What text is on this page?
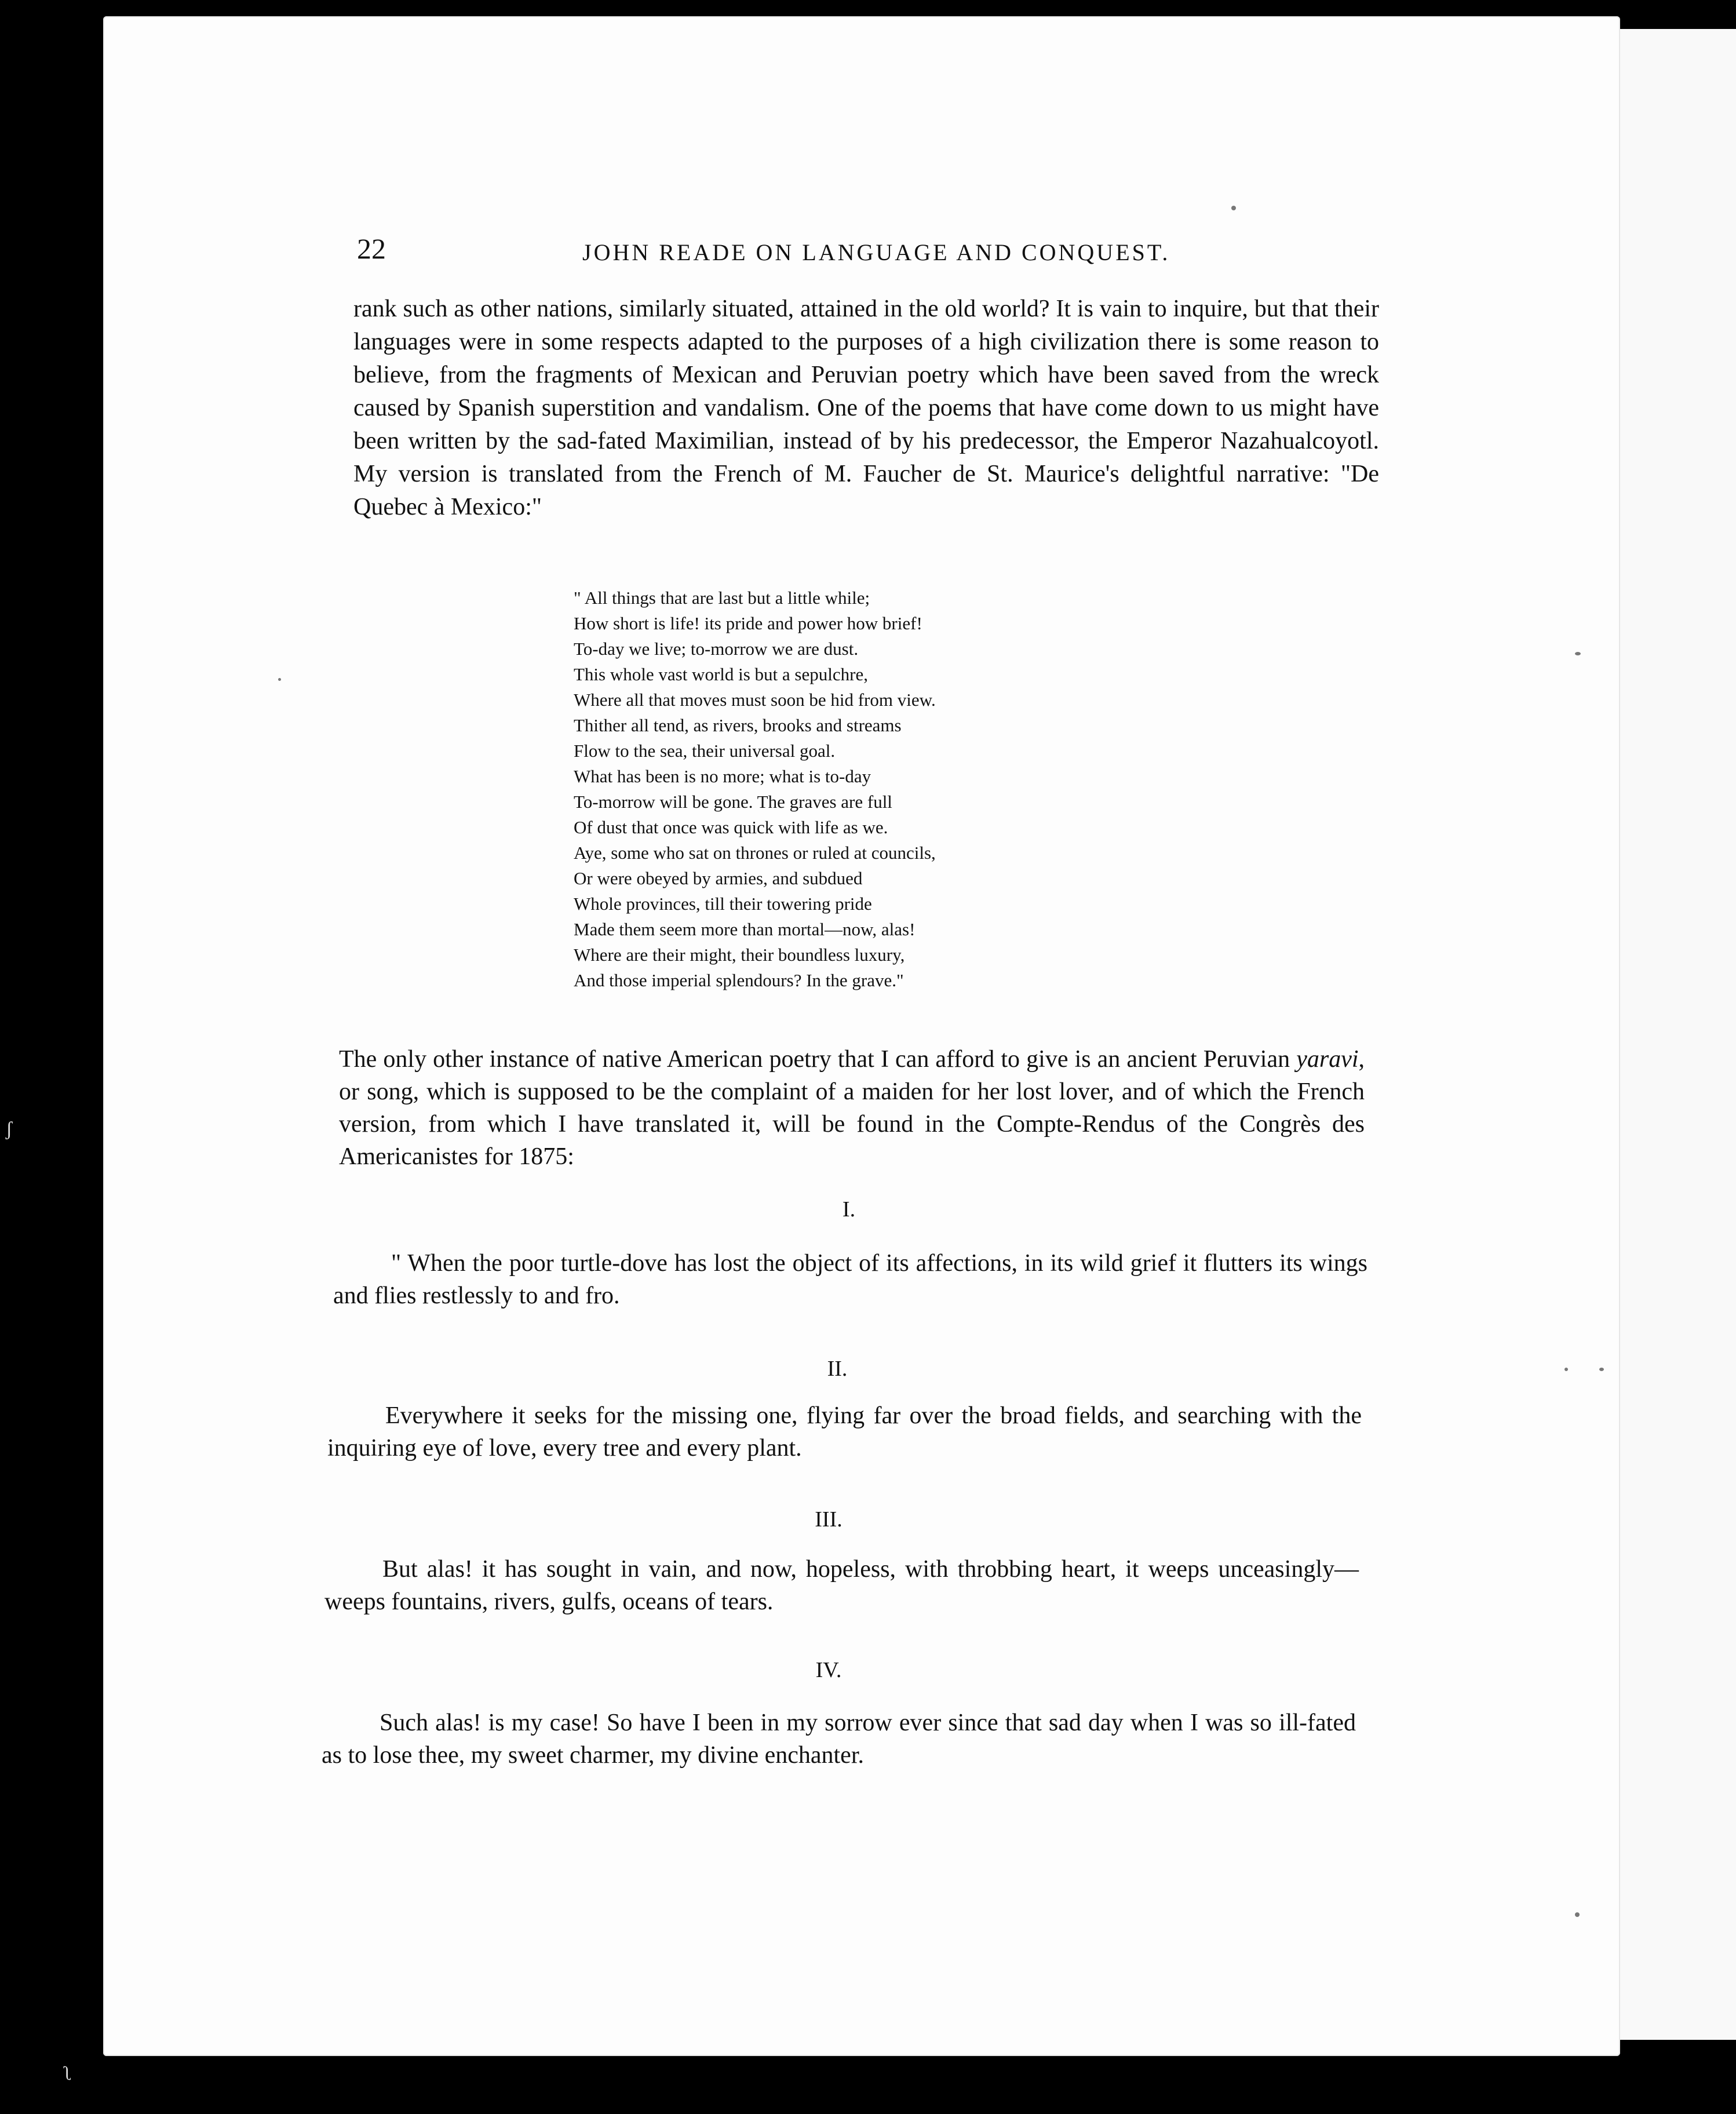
22	JOHN READE ON LANGUAGE AND CONQUEST.
rank such as other nations, similarly situated, attained in the old world? It is vain to inquire, but that their languages were in some respects adapted to the purposes of a high civilization there is some reason to believe, from the fragments of Mexican and Peruvian poetry which have been saved from the wreck caused by Spanish superstition and vandalism. One of the poems that have come down to us might have been written by the sad-fated Maximilian, instead of by his predecessor, the Emperor Nazahualcoyotl. My version is translated from the French of M. Faucher de St. Maurice's delightful narrative: "De Quebec à Mexico:"
" All things that are last but a little while;
How short is life! its pride and power how brief!
To-day we live; to-morrow we are dust.
This whole vast world is but a sepulchre,
Where all that moves must soon be hid from view.
Thither all tend, as rivers, brooks and streams
Flow to the sea, their universal goal.
What has been is no more; what is to-day
To-morrow will be gone. The graves are full
Of dust that once was quick with life as we.
Aye, some who sat on thrones or ruled at councils,
Or were obeyed by armies, and subdued
Whole provinces, till their towering pride
Made them seem more than mortal—now, alas!
Where are their might, their boundless luxury,
And those imperial splendours? In the grave."
The only other instance of native American poetry that I can afford to give is an ancient Peruvian yaravi, or song, which is supposed to be the complaint of a maiden for her lost lover, and of which the French version, from which I have translated it, will be found in the Compte-Rendus of the Congrès des Americanistes for 1875:
I.
" When the poor turtle-dove has lost the object of its affections, in its wild grief it flutters its wings and flies restlessly to and fro.
II.
Everywhere it seeks for the missing one, flying far over the broad fields, and searching with the inquiring eye of love, every tree and every plant.
III.
But alas! it has sought in vain, and now, hopeless, with throbbing heart, it weeps unceasingly—weeps fountains, rivers, gulfs, oceans of tears.
IV.
Such alas! is my case! So have I been in my sorrow ever since that sad day when I was so ill-fated as to lose thee, my sweet charmer, my divine enchanter.
ʃ
ʅ
